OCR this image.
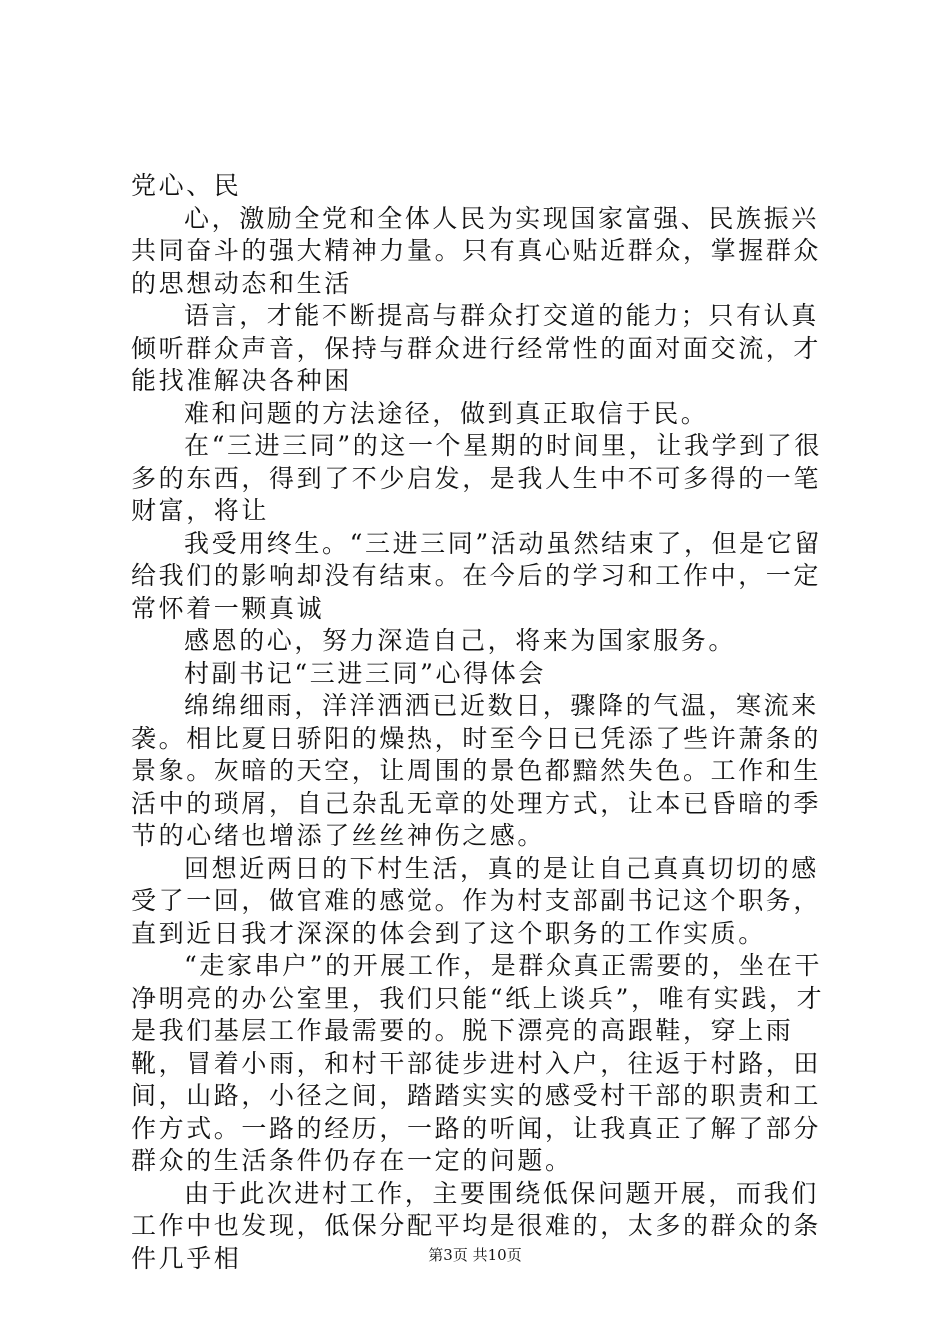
党心、民

心，激励全党和全体人民为实现国家富强、民族振兴共同奋斗的强大精神力量。只有真心贴近群众，掌握群众的思想动态和生活

语言，才能不断提高与群众打交道的能力；只有认真倾听群众声音，保持与群众进行经常性的面对面交流，才能找准解决各种困

难和问题的方法途径，做到真正取信于民。

在“三进三同”的这一个星期的时间里，让我学到了很多的东西，得到了不少启发，是我人生中不可多得的一笔财富，将让

我受用终生。“三进三同”活动虽然结束了，但是它留给我们的影响却没有结束。在今后的学习和工作中，一定常怀着一颗真诚

感恩的心，努力深造自己，将来为国家服务。

村副书记“三进三同”心得体会

绵绵细雨，洋洋洒洒已近数日，骤降的气温，寒流来袭。相比夏日骄阳的燥热，时至今日已凭添了些许萧条的景象。灰暗的天空，让周围的景色都黯然失色。工作和生活中的琐屑，自己杂乱无章的处理方式，让本已昏暗的季节的心绪也增添了丝丝神伤之感。

回想近两日的下村生活，真的是让自己真真切切的感受了一回，做官难的感觉。作为村支部副书记这个职务，直到近日我才深深的体会到了这个职务的工作实质。

“走家串户”的开展工作，是群众真正需要的，坐在干净明亮的办公室里，我们只能“纸上谈兵”，唯有实践，才是我们基层工作最需要的。脱下漂亮的高跟鞋，穿上雨靴，冒着小雨，和村干部徒步进村入户，往返于村路，田间，山路，小径之间，踏踏实实的感受村干部的职责和工作方式。一路的经历，一路的听闻，让我真正了解了部分群众的生活条件仍存在一定的问题。

由于此次进村工作，主要围绕低保问题开展，而我们工作中也发现，低保分配平均是很难的，太多的群众的条件几乎相	第3页 共10页
